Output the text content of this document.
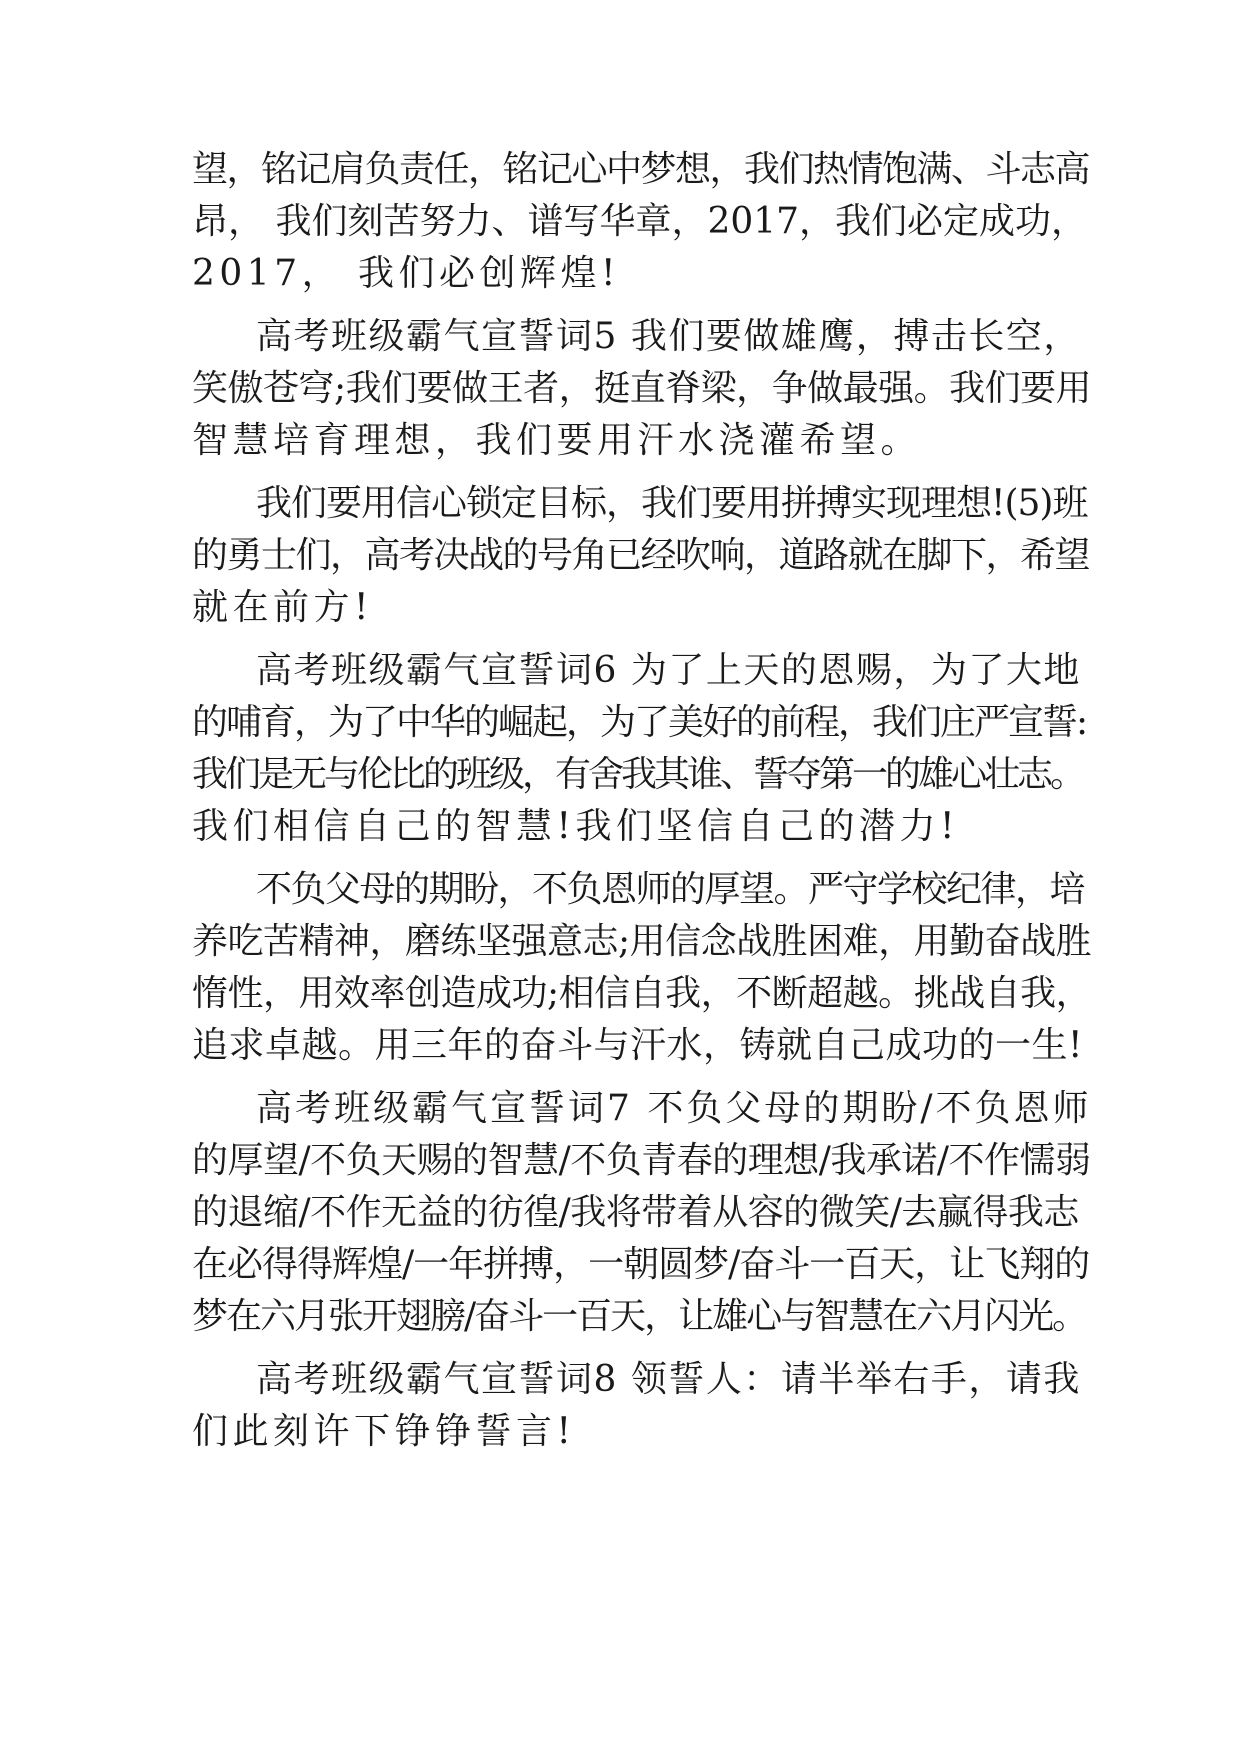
望，铭记肩负责任，铭记心中梦想，我们热情饱满、斗志高
昂， 我们刻苦努力、谱写华章，2017，我们必定成功，
2017， 我们必创辉煌!
高考班级霸气宣誓词5 我们要做雄鹰，搏击长空，
笑傲苍穹;我们要做王者，挺直脊梁，争做最强。我们要用
智慧培育理想，我们要用汗水浇灌希望。
我们要用信心锁定目标，我们要用拼搏实现理想!(5)班
的勇士们，高考决战的号角已经吹响，道路就在脚下，希望
就在前方!
高考班级霸气宣誓词6 为了上天的恩赐，为了大地
的哺育，为了中华的崛起，为了美好的前程，我们庄严宣誓:
我们是无与伦比的班级，有舍我其谁、誓夺第一的雄心壮志。
我们相信自己的智慧!我们坚信自己的潜力!
不负父母的期盼，不负恩师的厚望。严守学校纪律，培
养吃苦精神，磨练坚强意志;用信念战胜困难，用勤奋战胜
惰性，用效率创造成功;相信自我，不断超越。挑战自我，
追求卓越。用三年的奋斗与汗水，铸就自己成功的一生!
高考班级霸气宣誓词7 不负父母的期盼/不负恩师
的厚望/不负天赐的智慧/不负青春的理想/我承诺/不作懦弱
的退缩/不作无益的彷徨/我将带着从容的微笑/去赢得我志
在必得得辉煌/一年拼搏，一朝圆梦/奋斗一百天，让飞翔的
梦在六月张开翅膀/奋斗一百天，让雄心与智慧在六月闪光。
高考班级霸气宣誓词8 领誓人：请半举右手，请我
们此刻许下铮铮誓言!
